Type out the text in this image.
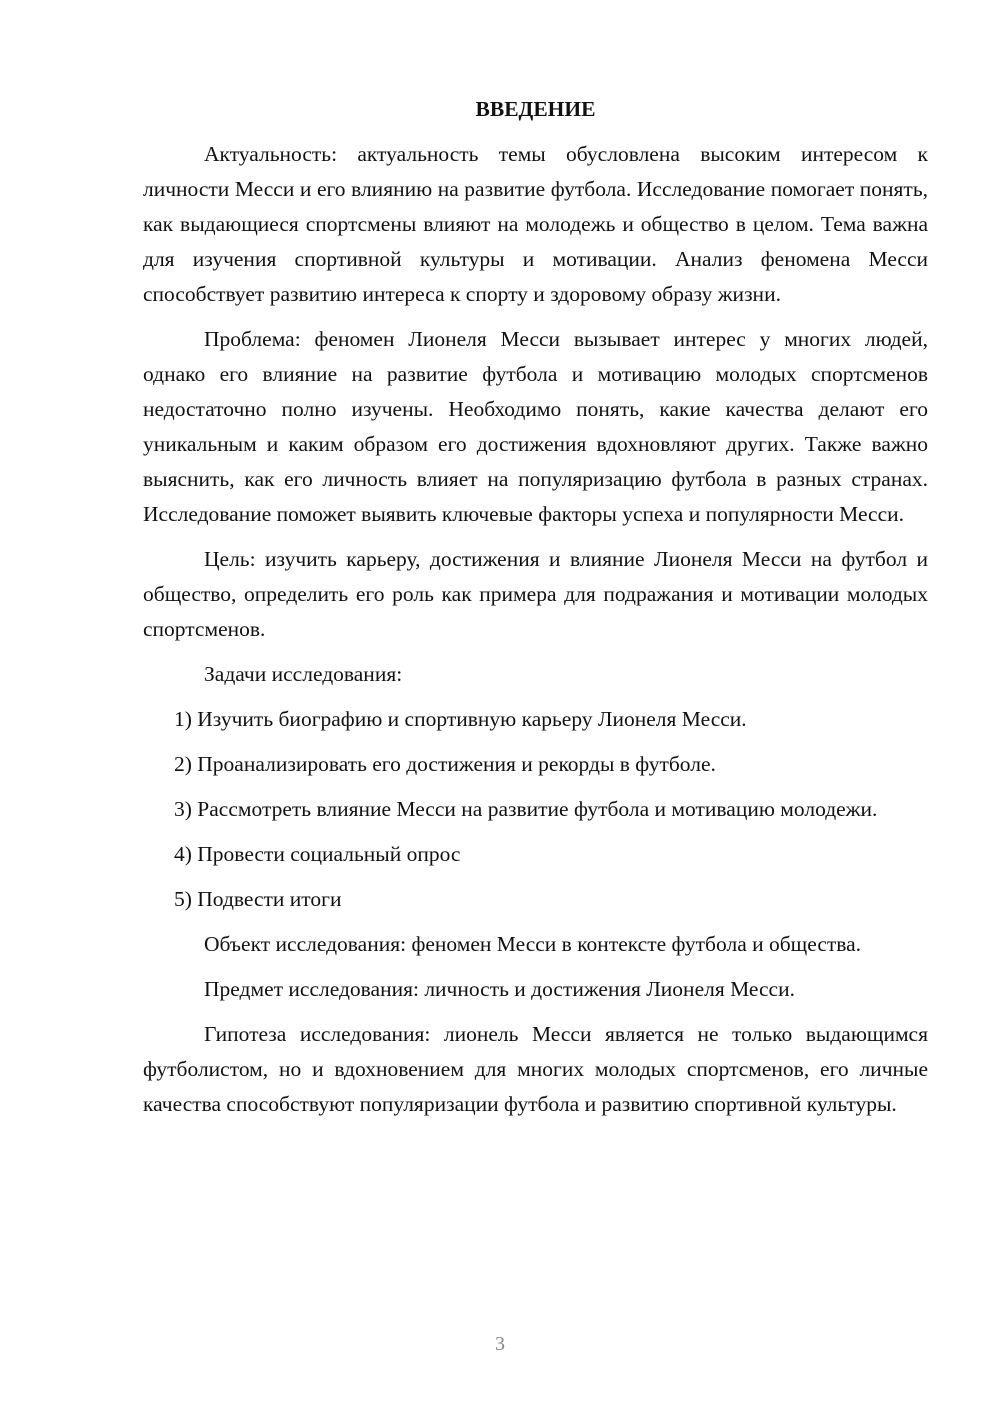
ВВЕДЕНИЕ

Актуальность: актуальность темы обусловлена высоким интересом к личности Месси и его влиянию на развитие футбола. Исследование помогает понять, как выдающиеся спортсмены влияют на молодежь и общество в целом. Тема важна для изучения спортивной культуры и мотивации. Анализ феномена Месси способствует развитию интереса к спорту и здоровому образу жизни.

Проблема: феномен Лионеля Месси вызывает интерес у многих людей, однако его влияние на развитие футбола и мотивацию молодых спортсменов недостаточно полно изучены. Необходимо понять, какие качества делают его уникальным и каким образом его достижения вдохновляют других. Также важно выяснить, как его личность влияет на популяризацию футбола в разных странах. Исследование поможет выявить ключевые факторы успеха и популярности Месси.

Цель: изучить карьеру, достижения и влияние Лионеля Месси на футбол и общество, определить его роль как примера для подражания и мотивации молодых спортсменов.

Задачи исследования:

1) Изучить биографию и спортивную карьеру Лионеля Месси.

2) Проанализировать его достижения и рекорды в футболе.

3) Рассмотреть влияние Месси на развитие футбола и мотивацию молодежи.

4) Провести социальный опрос

5) Подвести итоги

Объект исследования: феномен Месси в контексте футбола и общества.

Предмет исследования: личность и достижения Лионеля Месси.

Гипотеза исследования: лионель Месси является не только выдающимся футболистом, но и вдохновением для многих молодых спортсменов, его личные качества способствуют популяризации футбола и развитию спортивной культуры.

3
